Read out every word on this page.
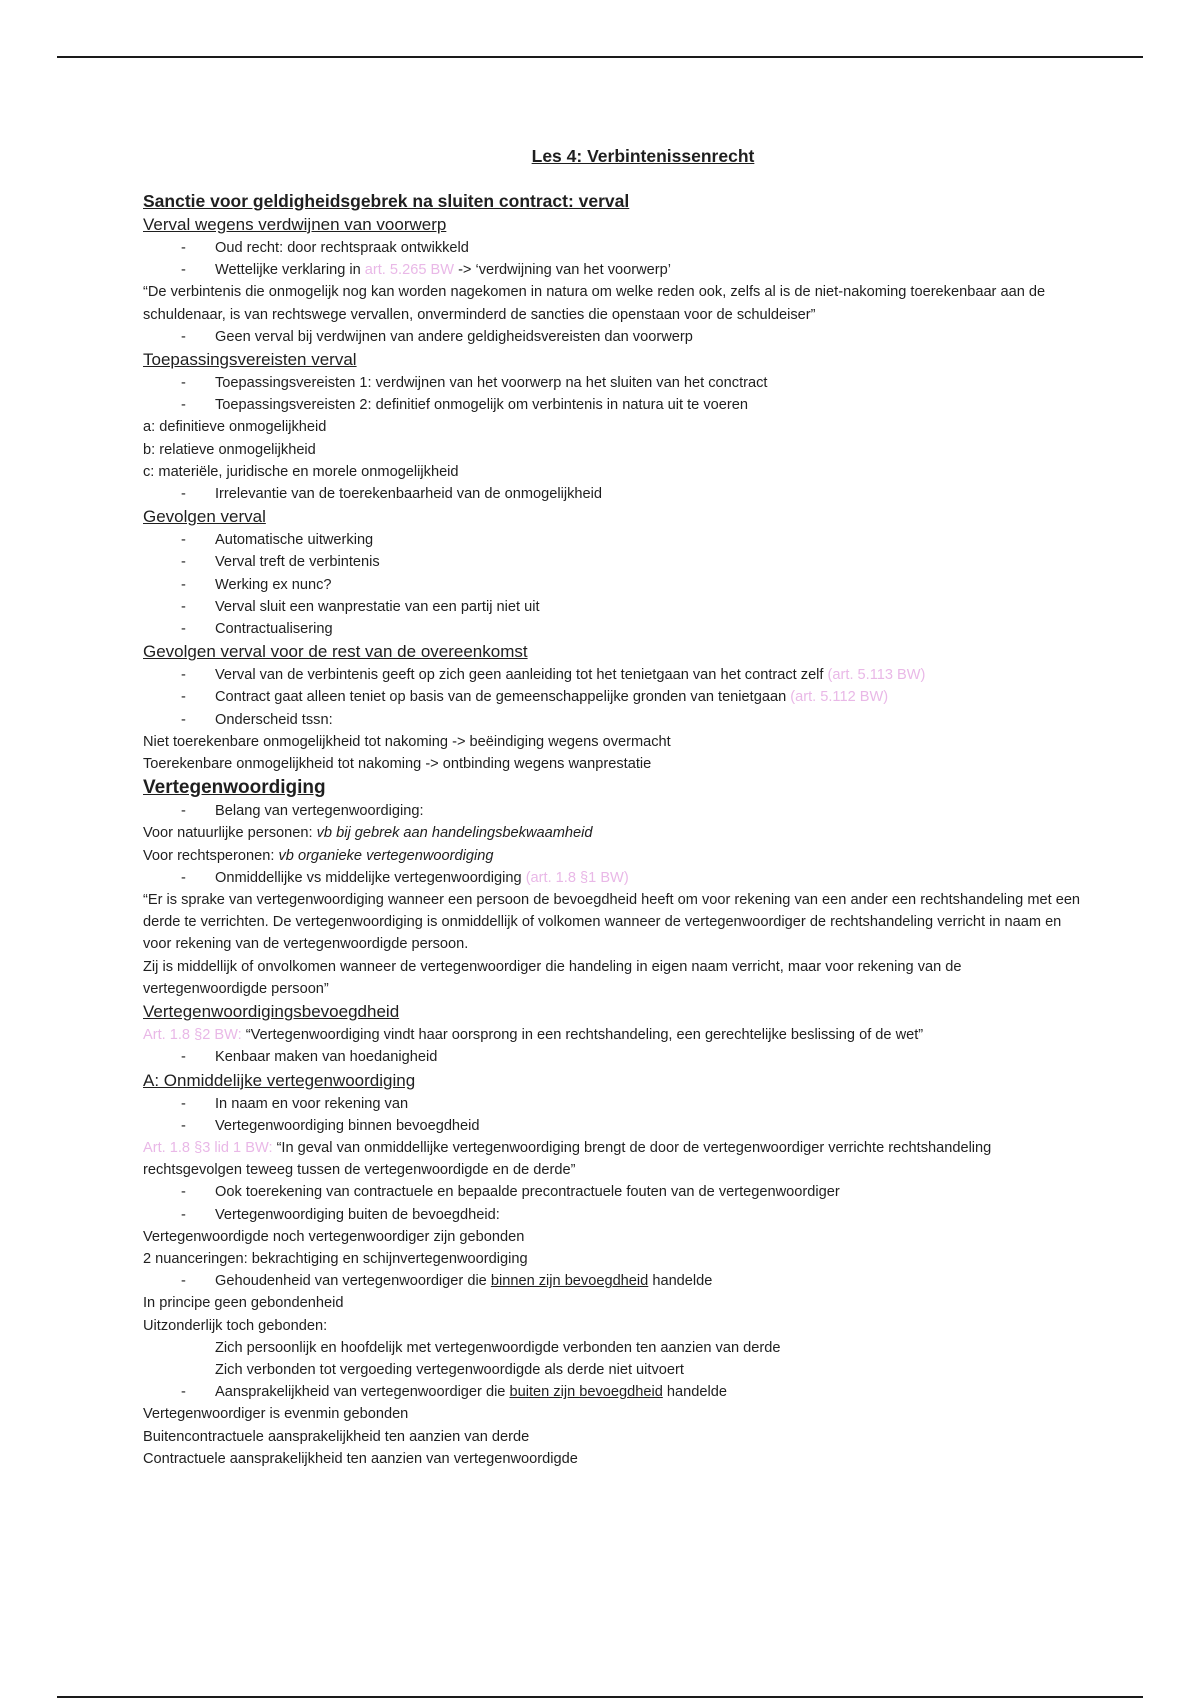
Les 4: Verbintenissenrecht
Sanctie voor geldigheidsgebrek na sluiten contract: verval
Verval wegens verdwijnen van voorwerp
- Oud recht: door rechtspraak ontwikkeld
- Wettelijke verklaring in art. 5.265 BW -> ‘verdwijning van het voorwerp’
“De verbintenis die onmogelijk nog kan worden nagekomen in natura om welke reden ook, zelfs al is de niet-nakoming toerekenbaar aan de schuldenaar, is van rechtswege vervallen, onverminderd de sancties die openstaan voor de schuldeiser”
- Geen verval bij verdwijnen van andere geldigheidsvereisten dan voorwerp
Toepassingsvereisten verval
- Toepassingsvereisten 1: verdwijnen van het voorwerp na het sluiten van het conctract
- Toepassingsvereisten 2: definitief onmogelijk om verbintenis in natura uit te voeren
a: definitieve onmogelijkheid
b: relatieve onmogelijkheid
c: materiële, juridische en morele onmogelijkheid
- Irrelevantie van de toerekenbaarheid van de onmogelijkheid
Gevolgen verval
- Automatische uitwerking
- Verval treft de verbintenis
- Werking ex nunc?
- Verval sluit een wanprestatie van een partij niet uit
- Contractualisering
Gevolgen verval voor de rest van de overeenkomst
- Verval van de verbintenis geeft op zich geen aanleiding tot het tenietgaan van het contract zelf (art. 5.113 BW)
- Contract gaat alleen teniet op basis van de gemeenschappelijke gronden van tenietgaan (art. 5.112 BW)
- Onderscheid tssn:
Niet toerekenbare onmogelijkheid tot nakoming -> beëindiging wegens overmacht
Toerekenbare onmogelijkheid tot nakoming -> ontbinding wegens wanprestatie
Vertegenwoordiging
- Belang van vertegenwoordiging:
Voor natuurlijke personen: vb bij gebrek aan handelingsbekwaamheid
Voor rechtsperonen: vb organieke vertegenwoordiging
- Onmiddellijke vs middelijke vertegenwoordiging (art. 1.8 §1 BW)
“Er is sprake van vertegenwoordiging wanneer een persoon de bevoegdheid heeft om voor rekening van een ander een rechtshandeling met een derde te verrichten. De vertegenwoordiging is onmiddellijk of volkomen wanneer de vertegenwoordiger de rechtshandeling verricht in naam en voor rekening van de vertegenwoordigde persoon.
Zij is middellijk of onvolkomen wanneer de vertegenwoordiger die handeling in eigen naam verricht, maar voor rekening van de vertegenwoordigde persoon”
Vertegenwoordigingsbevoegdheid
Art. 1.8 §2 BW: “Vertegenwoordiging vindt haar oorsprong in een rechtshandeling, een gerechtelijke beslissing of de wet”
- Kenbaar maken van hoedanigheid
A: Onmiddelijke vertegenwoordiging
- In naam en voor rekening van
- Vertegenwoordiging binnen bevoegdheid
Art. 1.8 §3 lid 1 BW: “In geval van onmiddellijke vertegenwoordiging brengt de door de vertegenwoordiger verrichte rechtshandeling rechtsgevolgen teweeg tussen de vertegenwoordigde en de derde”
- Ook toerekening van contractuele en bepaalde precontractuele fouten van de vertegenwoordiger
- Vertegenwoordiging buiten de bevoegdheid:
Vertegenwoordigde noch vertegenwoordiger zijn gebonden
2 nuanceringen: bekrachtiging en schijnvertegenwoordiging
- Gehoudenheid van vertegenwoordiger die binnen zijn bevoegdheid handelde
In principe geen gebondenheid
Uitzonderlijk toch gebonden:
Zich persoonlijk en hoofdelijk met vertegenwoordigde verbonden ten aanzien van derde
Zich verbonden tot vergoeding vertegenwoordigde als derde niet uitvoert
- Aansprakelijkheid van vertegenwoordiger die buiten zijn bevoegdheid handelde
Vertegenwoordiger is evenmin gebonden
Buitencontractuele aansprakelijkheid ten aanzien van derde
Contractuele aansprakelijkheid ten aanzien van vertegenwoordigde
